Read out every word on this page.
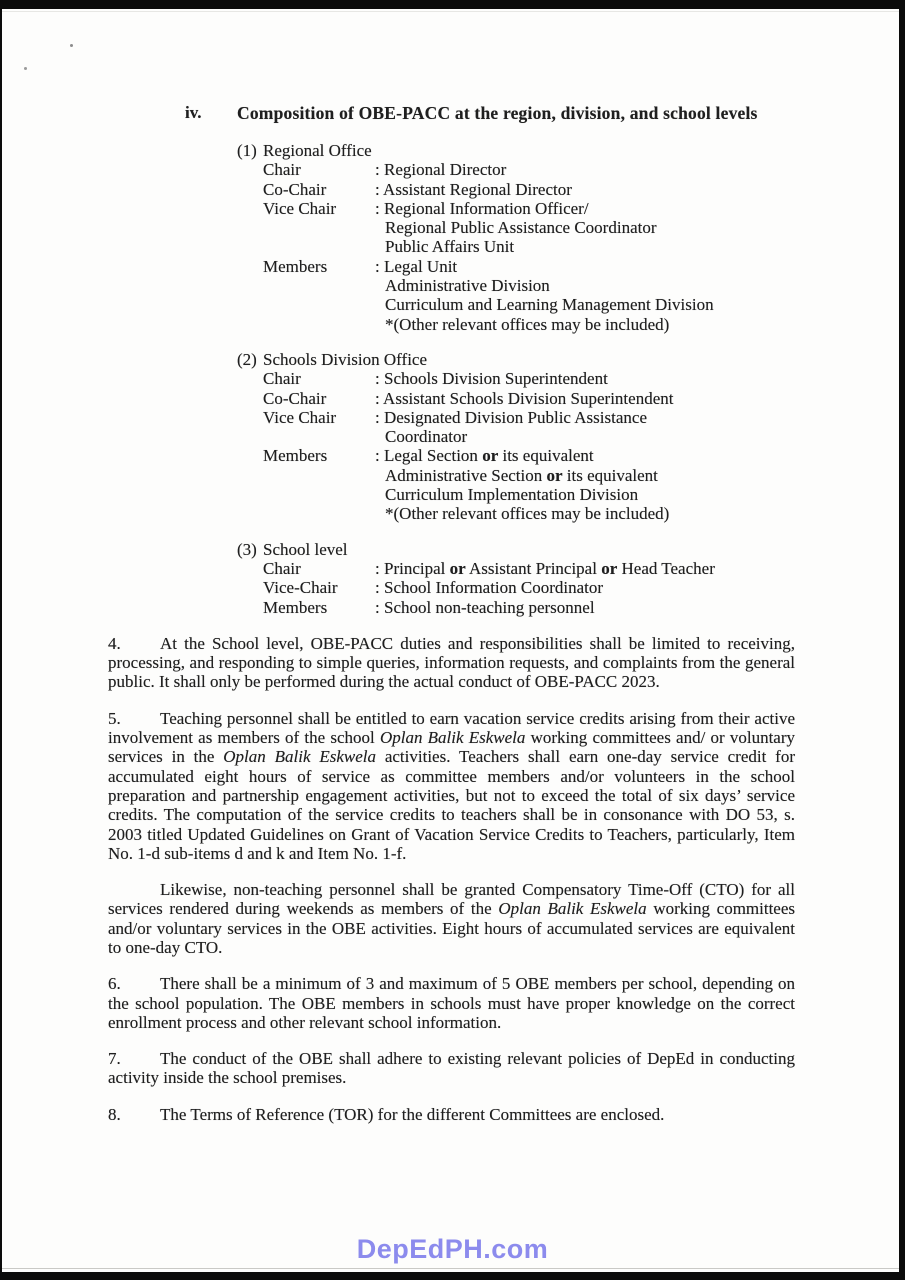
iv. Composition of OBE-PACC at the region, division, and school levels
(1) Regional Office
Chair	: Regional Director
Co-Chair	: Assistant Regional Director
Vice Chair	: Regional Information Officer/
Regional Public Assistance Coordinator
Public Affairs Unit
Members	: Legal Unit
Administrative Division
Curriculum and Learning Management Division
*(Other relevant offices may be included)
(2) Schools Division Office
Chair	: Schools Division Superintendent
Co-Chair	: Assistant Schools Division Superintendent
Vice Chair	: Designated Division Public Assistance
Coordinator
Members	: Legal Section or its equivalent
Administrative Section or its equivalent
Curriculum Implementation Division
*(Other relevant offices may be included)
(3) School level
Chair	: Principal or Assistant Principal or Head Teacher
Vice-Chair	: School Information Coordinator
Members	: School non-teaching personnel
4. At the School level, OBE-PACC duties and responsibilities shall be limited to receiving, processing, and responding to simple queries, information requests, and complaints from the general public. It shall only be performed during the actual conduct of OBE-PACC 2023.
5. Teaching personnel shall be entitled to earn vacation service credits arising from their active involvement as members of the school Oplan Balik Eskwela working committees and/ or voluntary services in the Oplan Balik Eskwela activities. Teachers shall earn one-day service credit for accumulated eight hours of service as committee members and/or volunteers in the school preparation and partnership engagement activities, but not to exceed the total of six days’ service credits. The computation of the service credits to teachers shall be in consonance with DO 53, s. 2003 titled Updated Guidelines on Grant of Vacation Service Credits to Teachers, particularly, Item No. 1-d sub-items d and k and Item No. 1-f.
Likewise, non-teaching personnel shall be granted Compensatory Time-Off (CTO) for all services rendered during weekends as members of the Oplan Balik Eskwela working committees and/or voluntary services in the OBE activities. Eight hours of accumulated services are equivalent to one-day CTO.
6. There shall be a minimum of 3 and maximum of 5 OBE members per school, depending on the school population. The OBE members in schools must have proper knowledge on the correct enrollment process and other relevant school information.
7. The conduct of the OBE shall adhere to existing relevant policies of DepEd in conducting activity inside the school premises.
8. The Terms of Reference (TOR) for the different Committees are enclosed.
DepEdPH.com
